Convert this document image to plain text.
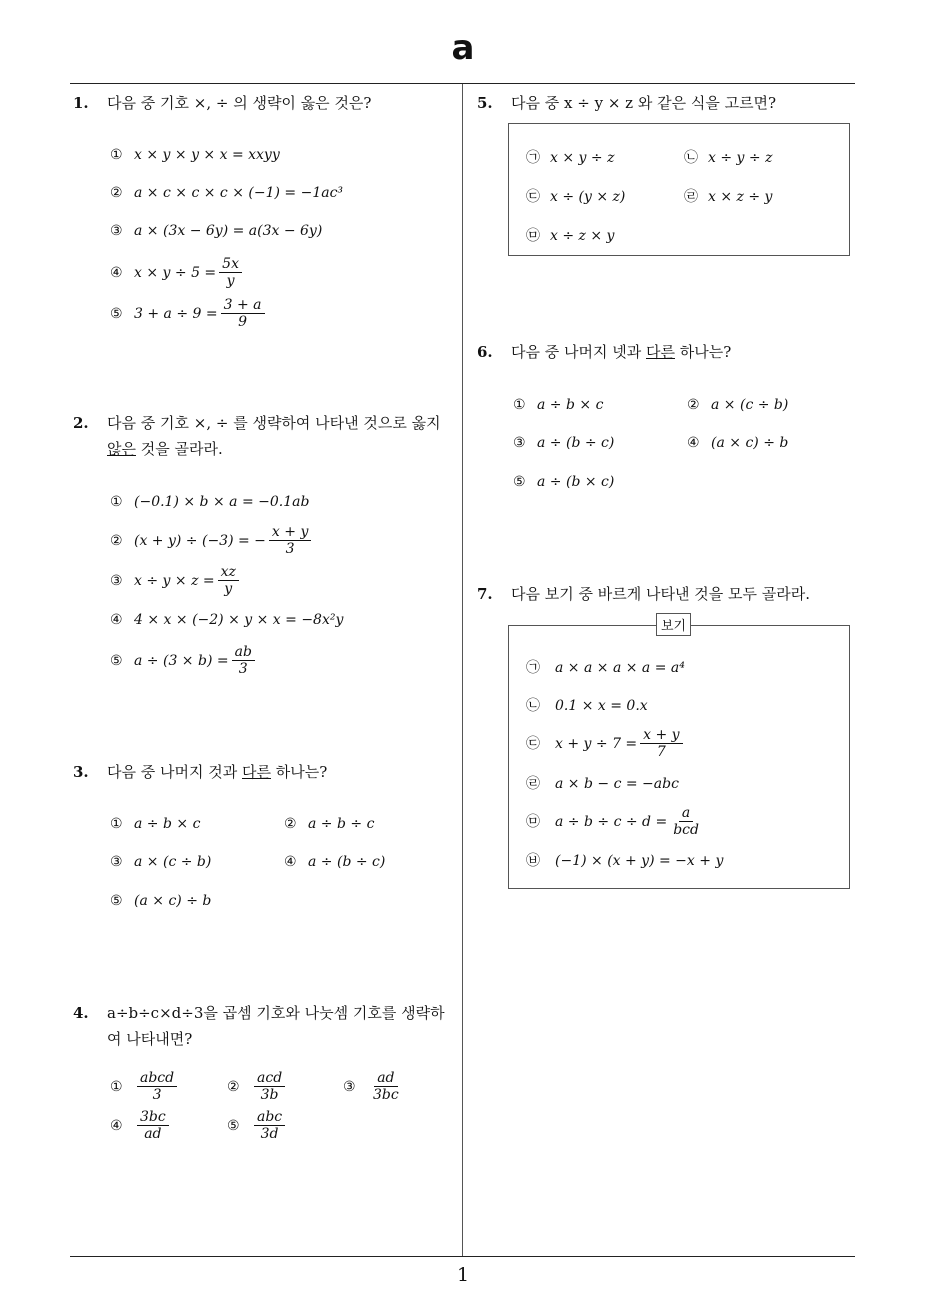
a
1
1. 다음 중 기호 ×, ÷ 의 생략이 옳은 것은?
① x × y × y × x = xxyy
② a × c × c × c × (−1) = −1ac³
③ a × (3x − 6y) = a(3x − 6y)
④ $x \times y \div 5 = \frac{5x}{y}$
⑤ $3 + a \div 9 = \frac{3 + a}{9}$
2. 다음 중 기호 ×, ÷ 를 생략하여 나타낸 것으로 옳지 않은 것을 골라라.
① (−0.1) × b × a = −0.1ab
② (x + y) ÷ (−3) = − $\frac{x + y}{3}$
③ $x \div y \times z = \frac{xz}{y}$
④ 4 × x × (−2) × y × x = −8x²y
⑤ $a \div (3 \times b) = \frac{ab}{3}$
3. 다음 중 나머지 것과 다른 하나는?
① a ÷ b × c	② a ÷ b ÷ c
③ a × (c ÷ b)	④ a ÷ (b ÷ c)
⑤ (a × c) ÷ b
4. a÷b÷c×d÷3을 곱셈 기호와 나눗셈 기호를 생략하여 나타내면?
① $\frac{\text{abcd}}{3}$	② $\frac{\text{acd}}{3b}$	③ $\frac{ad}{3bc}$
④ $\frac{3bc}{ad}$	⑤ $\frac{\text{abc}}{3d}$
5. 다음 중 x ÷ y × z 와 같은 식을 고르면?
㉠ x × y ÷ z	㉡ x ÷ y ÷ z
㉢ x ÷ (y × z)	㉣ x × z ÷ y
㉤ x ÷ z × y
6. 다음 중 나머지 넷과 다른 하나는?
① a ÷ b × c	② a × (c ÷ b)
③ a ÷ (b ÷ c)	④ (a × c) ÷ b
⑤ a ÷ (b × c)
7. 다음 보기 중 바르게 나타낸 것을 모두 골라라.
보기
㉠ a × a × a × a = a⁴
㉡ 0.1 × x = 0.x
㉢ $x + y \div 7 = \frac{x + y}{7}$
㉣ a × b − c = −abc
㉤ $a \div b \div c \div d = \frac{a}{\text{bcd}}$
㉥ (−1) × (x + y) = −x + y
